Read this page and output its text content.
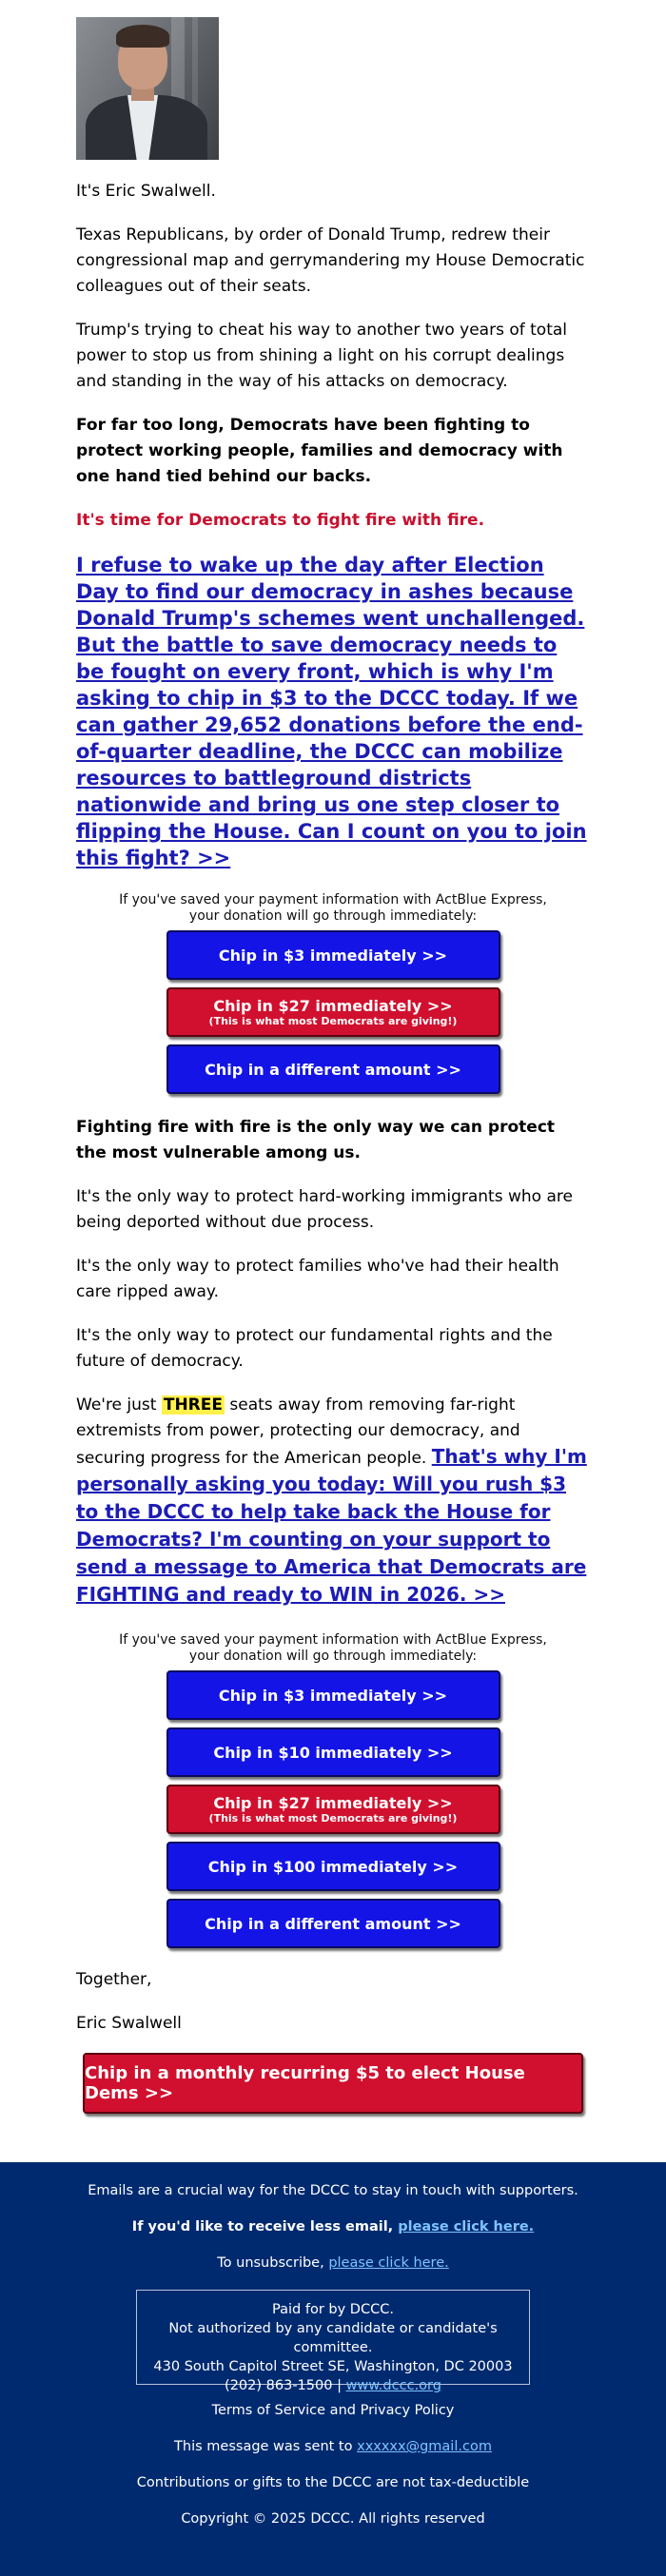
It's Eric Swalwell.

Texas Republicans, by order of Donald Trump, redrew their congressional map and gerrymandering my House Democratic colleagues out of their seats.

Trump's trying to cheat his way to another two years of total power to stop us from shining a light on his corrupt dealings and standing in the way of his attacks on democracy.

For far too long, Democrats have been fighting to protect working people, families and democracy with one hand tied behind our backs.

It's time for Democrats to fight fire with fire.

I refuse to wake up the day after Election Day to find our democracy in ashes because Donald Trump's schemes went unchallenged. But the battle to save democracy needs to be fought on every front, which is why I'm asking to chip in $3 to the DCCC today. If we can gather 29,652 donations before the end-of-quarter deadline, the DCCC can mobilize resources to battleground districts nationwide and bring us one step closer to flipping the House. Can I count on you to join this fight? >>
If you've saved your payment information with ActBlue Express,
your donation will go through immediately:
Chip in $3 immediately >>
Chip in $27 immediately >>
(This is what most Democrats are giving!)
Chip in a different amount >>

Fighting fire with fire is the only way we can protect the most vulnerable among us.

It's the only way to protect hard-working immigrants who are being deported without due process.

It's the only way to protect families who've had their health care ripped away.

It's the only way to protect our fundamental rights and the future of democracy.

We're just THREE seats away from removing far-right extremists from power, protecting our democracy, and securing progress for the American people. That's why I'm personally asking you today: Will you rush $3 to the DCCC to help take back the House for Democrats? I'm counting on your support to send a message to America that Democrats are FIGHTING and ready to WIN in 2026. >>

If you've saved your payment information with ActBlue Express,
your donation will go through immediately:
Chip in $3 immediately >>
Chip in $10 immediately >>
Chip in $27 immediately >>
(This is what most Democrats are giving!)
Chip in $100 immediately >>
Chip in a different amount >>

Together,

Eric Swalwell

Chip in a monthly recurring $5 to elect House Dems >>
Emails are a crucial way for the DCCC to stay in touch with supporters.
If you'd like to receive less email, please click here.
To unsubscribe, please click here.
Paid for by DCCC.
Not authorized by any candidate or candidate's committee.
430 South Capitol Street SE, Washington, DC 20003
(202) 863-1500 | www.dccc.org
Terms of Service and Privacy Policy
This message was sent to xxxxxx@gmail.com
Contributions or gifts to the DCCC are not tax-deductible
Copyright © 2025 DCCC. All rights reserved
